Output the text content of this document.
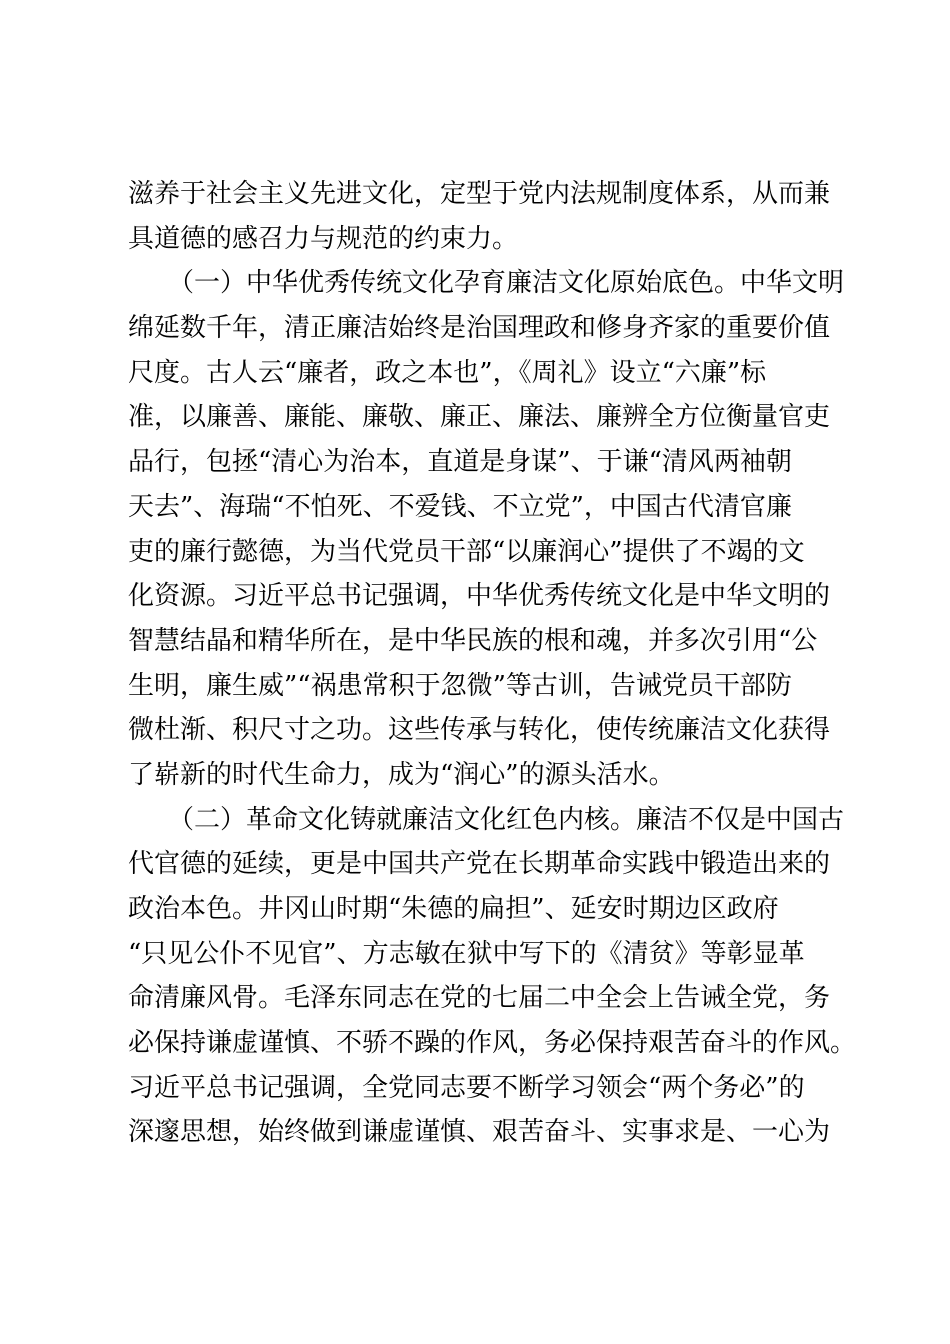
滋养于社会主义先进文化，定型于党内法规制度体系，从而兼
具道德的感召力与规范的约束力。
（一）中华优秀传统文化孕育廉洁文化原始底色。中华文明
绵延数千年，清正廉洁始终是治国理政和修身齐家的重要价值
尺度。古人云“廉者，政之本也”，《周礼》设立“六廉”标
准，以廉善、廉能、廉敬、廉正、廉法、廉辨全方位衡量官吏
品行，包拯“清心为治本，直道是身谋”、于谦“清风两袖朝
天去”、海瑞“不怕死、不爱钱、不立党”，中国古代清官廉
吏的廉行懿德，为当代党员干部“以廉润心”提供了不竭的文
化资源。习近平总书记强调，中华优秀传统文化是中华文明的
智慧结晶和精华所在，是中华民族的根和魂，并多次引用“公
生明，廉生威”“祸患常积于忽微”等古训，告诫党员干部防
微杜渐、积尺寸之功。这些传承与转化，使传统廉洁文化获得
了崭新的时代生命力，成为“润心”的源头活水。
（二）革命文化铸就廉洁文化红色内核。廉洁不仅是中国古
代官德的延续，更是中国共产党在长期革命实践中锻造出来的
政治本色。井冈山时期“朱德的扁担”、延安时期边区政府
“只见公仆不见官”、方志敏在狱中写下的《清贫》等彰显革
命清廉风骨。毛泽东同志在党的七届二中全会上告诫全党，务
必保持谦虚谨慎、不骄不躁的作风，务必保持艰苦奋斗的作风。
习近平总书记强调，全党同志要不断学习领会“两个务必”的
深邃思想，始终做到谦虚谨慎、艰苦奋斗、实事求是、一心为
